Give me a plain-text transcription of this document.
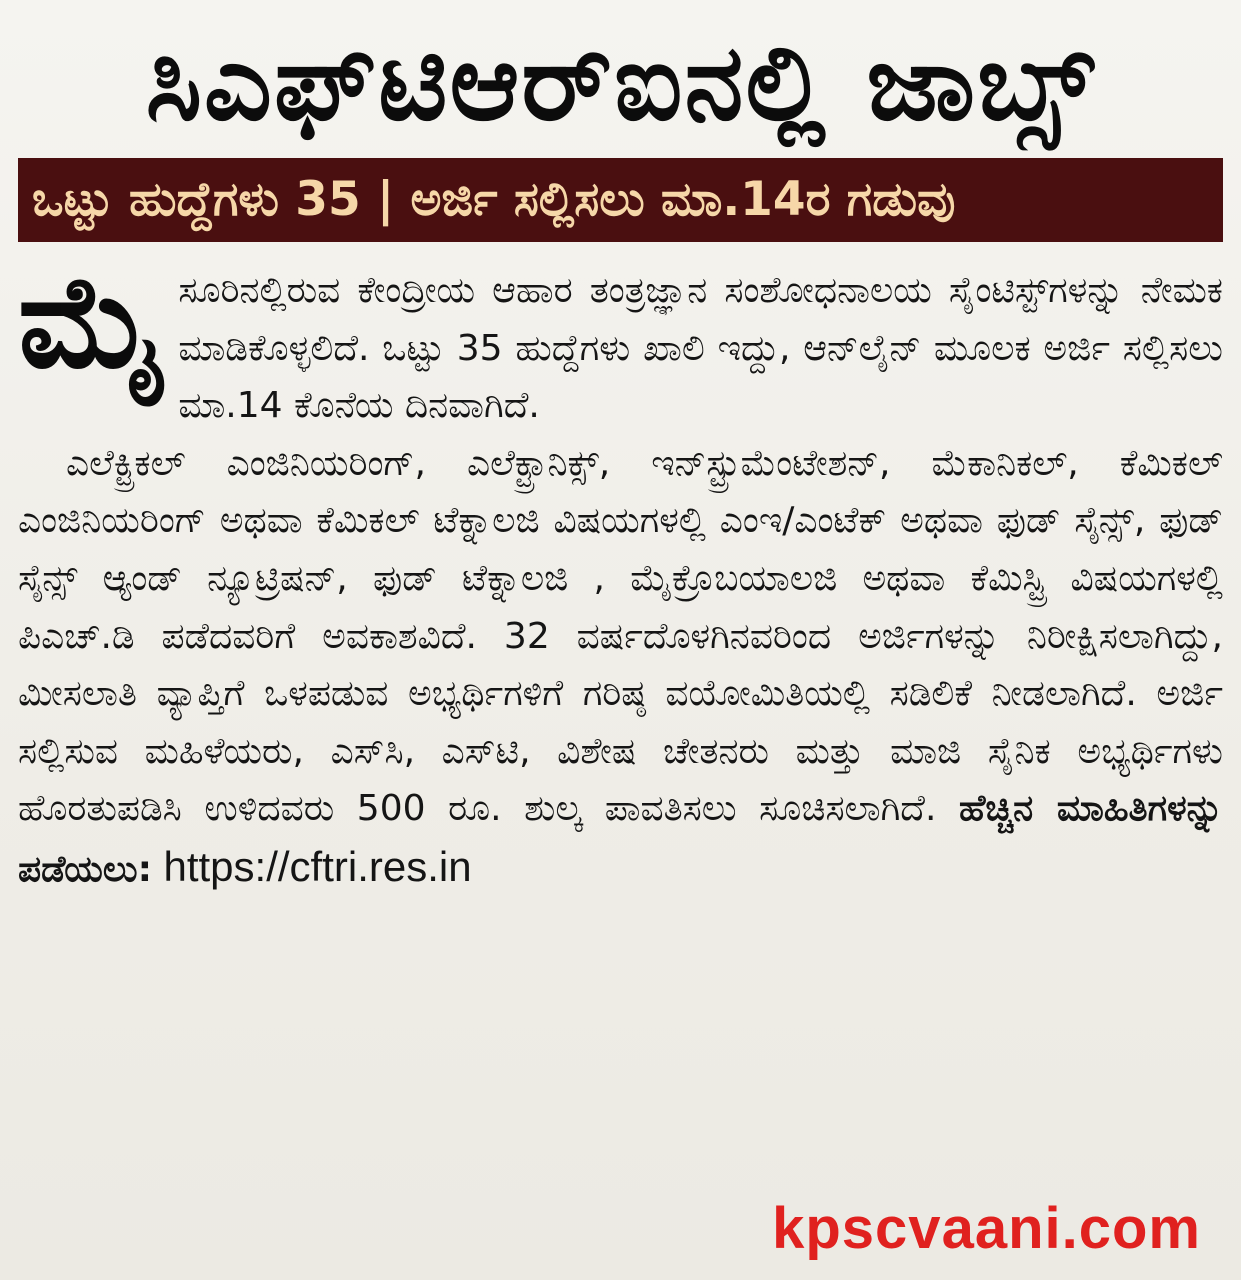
ಸಿಎಫ್‌ಟಿಆರ್‌ಐನಲ್ಲಿ ಜಾಬ್ಸ್
ಒಟ್ಟು ಹುದ್ದೆಗಳು 35 | ಅರ್ಜಿ ಸಲ್ಲಿಸಲು ಮಾ.14ರ ಗಡುವು

ಮೈಸೂರಿನಲ್ಲಿರುವ ಕೇಂದ್ರೀಯ ಆಹಾರ ತಂತ್ರಜ್ಞಾನ ಸಂಶೋಧನಾಲಯ ಸೈಂಟಿಸ್ಟ್‌ಗಳನ್ನು ನೇಮಕ ಮಾಡಿಕೊಳ್ಳಲಿದೆ. ಒಟ್ಟು 35 ಹುದ್ದೆಗಳು ಖಾಲಿ ಇದ್ದು, ಆನ್‌ಲೈನ್ ಮೂಲಕ ಅರ್ಜಿ ಸಲ್ಲಿಸಲು ಮಾ.14 ಕೊನೆಯ ದಿನವಾಗಿದೆ.

ಎಲೆಕ್ಟ್ರಿಕಲ್ ಎಂಜಿನಿಯರಿಂಗ್, ಎಲೆಕ್ಟ್ರಾನಿಕ್ಸ್, ಇನ್‌ಸ್ಟ್ರುಮೆಂಟೇಶನ್, ಮೆಕಾನಿಕಲ್, ಕೆಮಿಕಲ್ ಎಂಜಿನಿಯರಿಂಗ್ ಅಥವಾ ಕೆಮಿಕಲ್ ಟೆಕ್ನಾಲಜಿ ವಿಷಯಗಳಲ್ಲಿ ಎಂಇ/ಎಂಟೆಕ್ ಅಥವಾ ಫುಡ್ ಸೈನ್ಸ್, ಫುಡ್ ಸೈನ್ಸ್ ಆ್ಯಂಡ್ ನ್ಯೂಟ್ರಿಷನ್, ಫುಡ್ ಟೆಕ್ನಾಲಜಿ , ಮೈಕ್ರೊಬಯಾಲಜಿ ಅಥವಾ ಕೆಮಿಸ್ಟ್ರಿ ವಿಷಯಗಳಲ್ಲಿ ಪಿಎಚ್.ಡಿ ಪಡೆದವರಿಗೆ ಅವಕಾಶವಿದೆ. 32 ವರ್ಷದೊಳಗಿನವರಿಂದ ಅರ್ಜಿಗಳನ್ನು ನಿರೀಕ್ಷಿಸಲಾಗಿದ್ದು, ಮೀಸಲಾತಿ ವ್ಯಾಪ್ತಿಗೆ ಒಳಪಡುವ ಅಭ್ಯರ್ಥಿಗಳಿಗೆ ಗರಿಷ್ಠ ವಯೋಮಿತಿಯಲ್ಲಿ ಸಡಿಲಿಕೆ ನೀಡಲಾಗಿದೆ. ಅರ್ಜಿ ಸಲ್ಲಿಸುವ ಮಹಿಳೆಯರು, ಎಸ್‌ಸಿ, ಎಸ್‌ಟಿ, ವಿಶೇಷ ಚೇತನರು ಮತ್ತು ಮಾಜಿ ಸೈನಿಕ ಅಭ್ಯರ್ಥಿಗಳು ಹೊರತುಪಡಿಸಿ ಉಳಿದವರು 500 ರೂ. ಶುಲ್ಕ ಪಾವತಿಸಲು ಸೂಚಿಸಲಾಗಿದೆ. ಹೆಚ್ಚಿನ ಮಾಹಿತಿಗಳನ್ನು ಪಡೆಯಲು: https://cftri.res.in

kpscvaani.com
